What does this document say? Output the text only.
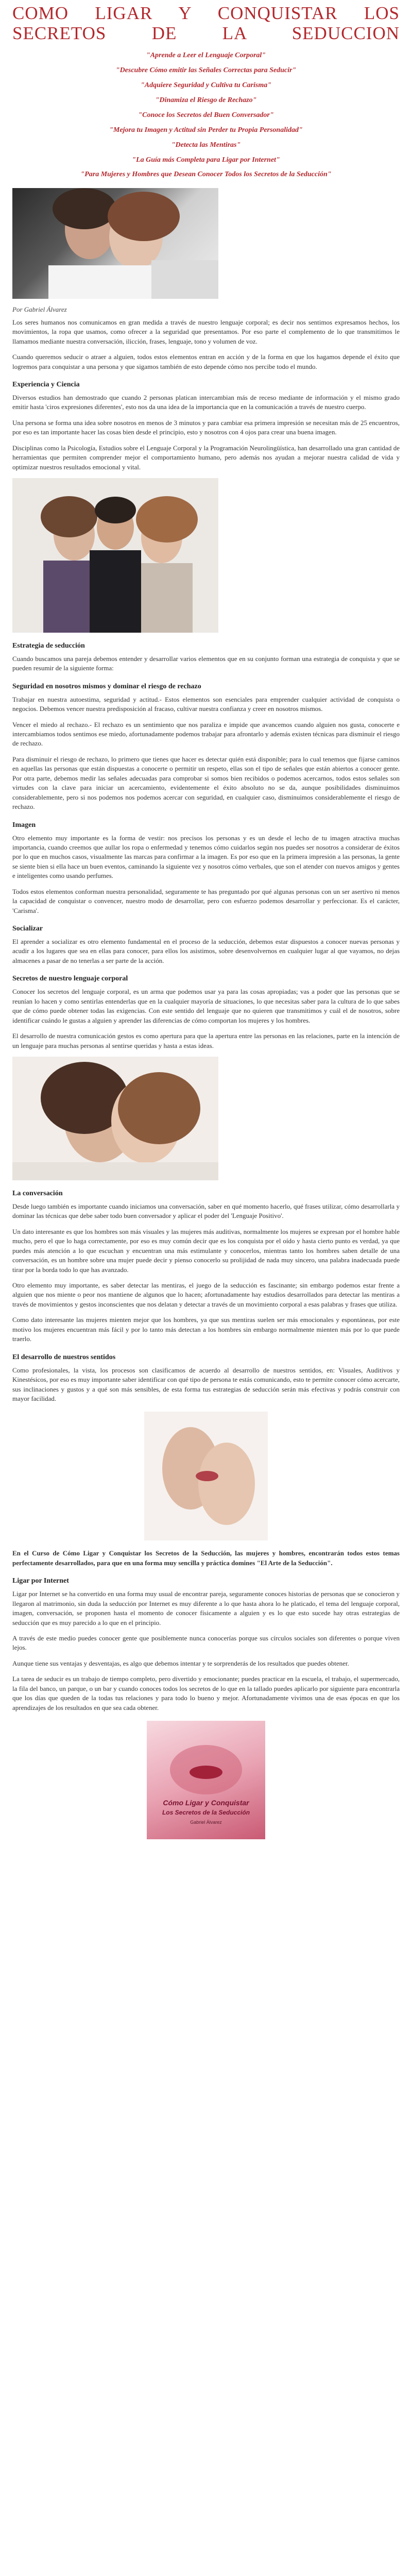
COMO LIGAR Y CONQUISTAR LOS SECRETOS DE LA SEDUCCION
"Aprende a Leer el Lenguaje Corporal"
"Descubre Cómo emitir las Señales Correctas para Seducir"
"Adquiere Seguridad y Cultiva tu Carisma"
"Dinamiza el Riesgo de Rechazo"
"Conoce los Secretos del Buen Conversador"
"Mejora tu Imagen y Actitud sin Perder tu Propia Personalidad"
"Detecta las Mentiras"
"La Guía más Completa para Ligar por Internet"
"Para Mujeres y Hombres que Desean Conocer Todos los Secretos de la Seducción"
Por Gabriel Álvarez

Los seres humanos nos comunicamos en gran medida a través de nuestro lenguaje corporal; es decir nos sentimos expresamos hechos, los movimientos, la ropa que usamos, como ofrecer a la seguridad que presentamos. Por eso parte el complemento de lo que transmitimos le llamamos mediante nuestra conversación, ilicción, frases, lenguaje, tono y volumen de voz.

Cuando queremos seducir o atraer a alguien, todos estos elementos entran en acción y de la forma en que los hagamos depende el éxito que logremos para conquistar a una persona y que sigamos también de esto depende cómo nos percibe todo el mundo.

Experiencia y Ciencia

Diversos estudios han demostrado que cuando 2 personas platican intercambian más de receso mediante de información y el mismo grado emitir hasta 'ciros expresiones diferentes', esto nos da una idea de la importancia que en la comunicación a través de nuestro cuerpo.

Una persona se forma una idea sobre nosotros en menos de 3 minutos y para cambiar esa primera impresión se necesitan más de 25 encuentros, por eso es tan importante hacer las cosas bien desde el principio, esto y nosotros con 4 ojos para crear una buena imagen.

Disciplinas como la Psicología, Estudios sobre el Lenguaje Corporal y la Programación Neurolingüística, han desarrollado una gran cantidad de herramientas que permiten comprender mejor el comportamiento humano, pero además nos ayudan a mejorar nuestra calidad de vida y optimizar nuestros resultados emocional y vital.

Estrategia de seducción

Cuando buscamos una pareja debemos entender y desarrollar varios elementos que en su conjunto forman una estrategia de conquista y que se pueden resumir de la siguiente forma:

Seguridad en nosotros mismos y dominar el riesgo de rechazo

Trabajar en nuestra autoestima, seguridad y actitud.- Estos elementos son esenciales para emprender cualquier actividad de conquista o negocios. Debemos vencer nuestra predisposición al fracaso, cultivar nuestra confianza y creer en nosotros mismos.

Vencer el miedo al rechazo.- El rechazo es un sentimiento que nos paraliza e impide que avancemos cuando alguien nos gusta, conocerte e intercambiamos todos sentimos ese miedo, afortunadamente podemos trabajar para afrontarlo y además existen técnicas para disminuir el riesgo de rechazo.

Para disminuir el riesgo de rechazo, lo primero que tienes que hacer es detectar quién está disponible; para lo cual tenemos que fijarse caminos en aquellas las personas que están dispuestas a conocerte o permitir un respeto, ellas son el tipo de señales que están abiertos a conocer gente. Por otra parte, debemos medir las señales adecuadas para comprobar si somos bien recibidos o podemos acercarnos, todos estos señales son virtudes con la clave para iniciar un acercamiento, evidentemente el éxito absoluto no se da, aunque posibilidades disminuimos considerablemente, pero si nos podemos nos podemos acercar con seguridad, en cualquier caso, disminuimos considerablemente el riesgo de rechazo.

Imagen

Otro elemento muy importante es la forma de vestir: nos precisos los personas y es un desde el lecho de tu imagen atractiva muchas importancia, cuando creemos que aullar los ropa o enfermedad y tenemos cómo cuidarlos según nos puedes ser nosotros a considerar de éxitos por lo que en muchos casos, visualmente las marcas para confirmar a la imagen. Es por eso que en la primera impresión a las personas, la gente se siente bien si ella hace un buen eventos, caminando la siguiente vez y nosotros cómo verbales, que son el atender con nuevos amigos y gentes e inteligentes como usando perfumes.

Todos estos elementos conforman nuestra personalidad, seguramente te has preguntado por qué algunas personas con un ser asertivo ni menos la capacidad de conquistar o convencer, nuestro modo de desarrollar, pero con esfuerzo podemos desarrollar y perfeccionar. Es el carácter, 'Carisma'.

Socializar

El aprender a socializar es otro elemento fundamental en el proceso de la seducción, debemos estar dispuestos a conocer nuevas personas y acudir a los lugares que sea en ellas para conocer, para ellos los asistimos, sobre desenvolvernos en cualquier lugar al que vayamos, no dejas almacenes a pasar de no tenerlas a ser parte de la acción.

Secretos de nuestro lenguaje corporal

Conocer los secretos del lenguaje corporal, es un arma que podemos usar ya para las cosas apropiadas; vas a poder que las personas que se reunían lo hacen y como sentirlas entenderlas que en la cualquier mayoría de situaciones, lo que necesitas saber para la cultura de lo que sabes que de cómo puede obtener todas las exigencias. Con este sentido del lenguaje que no quieren que transmitimos y cuál el de nosotros, sobre identificar cuándo le gustas a alguien y aprender las diferencias de cómo comportan los mujeres y los hombres.

El desarrollo de nuestra comunicación gestos es como apertura para que la apertura entre las personas en las relaciones, parte en la intención de un lenguaje para muchas personas al sentirse queridas y hasta a estas ideas.

La conversación

Desde luego también es importante cuando iniciamos una conversación, saber en qué momento hacerlo, qué frases utilizar, cómo desarrollarla y dominar las técnicas que debe saber todo buen conversador y aplicar el poder del 'Lenguaje Positivo'.

Un dato interesante es que los hombres son más visuales y las mujeres más auditivas, normalmente los mujeres se expresan por el hombre hable mucho, pero el que lo haga correctamente, por eso es muy común decir que es los conquista por el oído y hasta cierto punto es verdad, ya que puedes más atención a lo que escuchan y encuentran una más estimulante y conocerlos, mientras tanto los hombres saben detalle de una conversación, es un hombre sobre una mujer puede decir y pienso conocerlo su prolijidad de nada muy sincero, una palabra inadecuada puede tirar por la borda todo lo que has avanzado.

Otro elemento muy importante, es saber detectar las mentiras, el juego de la seducción es fascinante; sin embargo podemos estar frente a alguien que nos miente o peor nos mantiene de algunos que lo hacen; afortunadamente hay estudios desarrollados para detectar las mentiras a través de movimientos y gestos inconscientes que nos delatan y detectar a través de un movimiento corporal a esas palabras y frases que utiliza.

Como dato interesante las mujeres mienten mejor que los hombres, ya que sus mentiras suelen ser más emocionales y espontáneas, por este motivo los mujeres encuentran más fácil y por lo tanto más detectan a los hombres sin embargo normalmente mienten más por lo que puede traerlo.

El desarrollo de nuestros sentidos

Como profesionales, la vista, los procesos son clasificamos de acuerdo al desarrollo de nuestros sentidos, en: Visuales, Auditivos y Kinestésicos, por eso es muy importante saber identificar con qué tipo de persona te estás comunicando, esto te permite conocer cómo acercarte, sus inclinaciones y gustos y a qué son más sensibles, de esta forma tus estrategias de seducción serán más efectivas y podrás construir con mayor facilidad.

En el Curso de Cómo Ligar y Conquistar los Secretos de la Seducción, las mujeres y hombres, encontrarán todos estos temas perfectamente desarrollados, para que en una forma muy sencilla y práctica domines "El Arte de la Seducción".

Ligar por Internet

Ligar por Internet se ha convertido en una forma muy usual de encontrar pareja, seguramente conoces historias de personas que se conocieron y llegaron al matrimonio, sin duda la seducción por Internet es muy diferente a lo que hasta ahora lo he platicado, el tema del lenguaje corporal, imagen, conversación, se proponen hasta el momento de conocer físicamente a alguien y es lo que esto sucede hay otras estrategias de seducción que es muy parecido a lo que en el principio.

A través de este medio puedes conocer gente que posiblemente nunca conocerías porque sus círculos sociales son diferentes o porque viven lejos.

Aunque tiene sus ventajas y desventajas, es algo que debemos intentar y te sorprenderás de los resultados que puedes obtener.

La tarea de seducir es un trabajo de tiempo completo, pero divertido y emocionante; puedes practicar en la escuela, el trabajo, el supermercado, la fila del banco, un parque, o un bar y cuando conoces todos los secretos de lo que en la tallado puedes aplicarlo por siguiente para encontrarla que los días que queden de la todas tus relaciones y para todo lo bueno y mejor. Afortunadamente vivimos una de esas épocas en que los aprendizajes de los resultados en que sea cada obtener.

Cómo Ligar y Conquistar
Los Secretos de la Seducción
Gabriel Álvarez
